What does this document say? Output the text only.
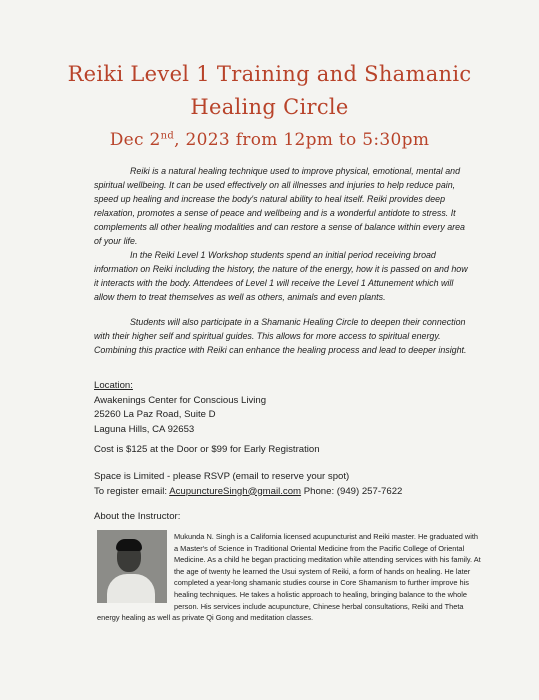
Reiki Level 1 Training and Shamanic
Healing Circle
Dec 2nd, 2023 from 12pm to 5:30pm

Reiki is a natural healing technique used to improve physical, emotional, mental and spiritual wellbeing. It can be used effectively on all illnesses and injuries to help reduce pain, speed up healing and increase the body's natural ability to heal itself. Reiki provides deep relaxation, promotes a sense of peace and wellbeing and is a wonderful antidote to stress. It complements all other healing modalities and can restore a sense of balance within every area of your life.

In the Reiki Level 1 Workshop students spend an initial period receiving broad information on Reiki including the history, the nature of the energy, how it is passed on and how it interacts with the body. Attendees of Level 1 will receive the Level 1 Attunement which will allow them to treat themselves as well as others, animals and even plants.

Students will also participate in a Shamanic Healing Circle to deepen their connection with their higher self and spiritual guides. This allows for more access to spiritual energy. Combining this practice with Reiki can enhance the healing process and lead to deeper insight.

Location:
Awakenings Center for Conscious Living
25260 La Paz Road, Suite D
Laguna Hills, CA 92653
Cost is $125 at the Door or $99 for Early Registration
Space is Limited - please RSVP (email to reserve your spot)
To register email: AcupunctureSingh@gmail.com Phone: (949) 257-7622
About the Instructor:
Mukunda N. Singh is a California licensed acupuncturist and Reiki master. He graduated with a Master's of Science in Traditional Oriental Medicine from the Pacific College of Oriental Medicine. As a child he began practicing meditation while attending services with his family. At the age of twenty he learned the Usui system of Reiki, a form of hands on healing. He later completed a year-long shamanic studies course in Core Shamanism to further improve his healing techniques. He takes a holistic approach to healing, bringing balance to the whole person. His services include acupuncture, Chinese herbal consultations, Reiki and Theta energy healing as well as private Qi Gong and meditation classes.
